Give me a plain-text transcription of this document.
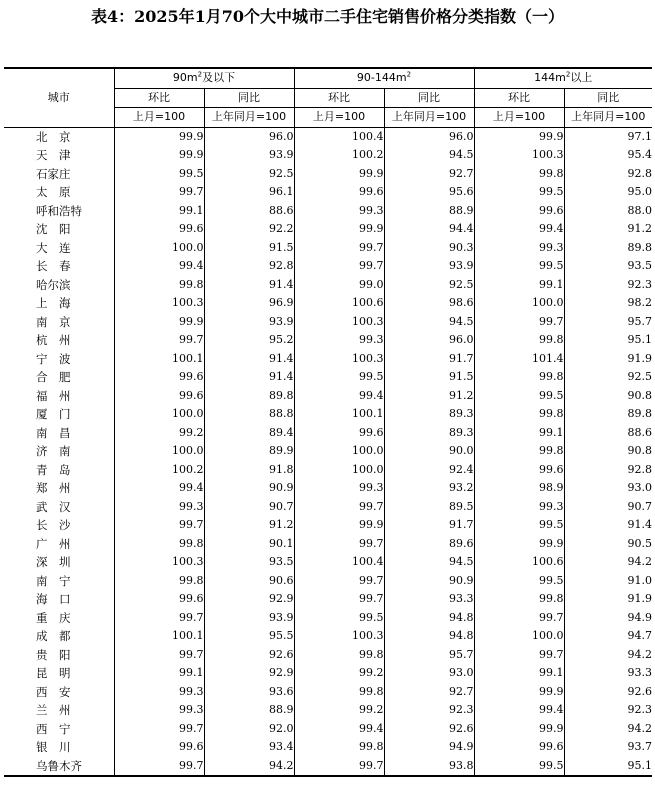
表4：2025年1月70个大中城市二手住宅销售价格分类指数（一）
城市	$90m^2$及以下		$90-144m^2$		$144m^2$以上	
	环比	同比	环比	同比	环比	同比
	上月=100	上年同月=100	上月=100	上年同月=100	上月=100	上年同月=100
北京	99.9	96.0	100.4	96.0	99.9	97.1
天津	99.9	93.9	100.2	94.5	100.3	95.4
石家庄	99.5	92.5	99.9	92.7	99.8	92.8
太原	99.7	96.1	99.6	95.6	99.5	95.0
呼和浩特	99.1	88.6	99.3	88.9	99.6	88.0
沈阳	99.6	92.2	99.9	94.4	99.4	91.2
大连	100.0	91.5	99.7	90.3	99.3	89.8
长春	99.4	92.8	99.7	93.9	99.5	93.5
哈尔滨	99.8	91.4	99.0	92.5	99.1	92.3
上海	100.3	96.9	100.6	98.6	100.0	98.2
南京	99.9	93.9	100.3	94.5	99.7	95.7
杭州	99.7	95.2	99.3	96.0	99.8	95.1
宁波	100.1	91.4	100.3	91.7	101.4	91.9
合肥	99.6	91.4	99.5	91.5	99.8	92.5
福州	99.6	89.8	99.4	91.2	99.5	90.8
厦门	100.0	88.8	100.1	89.3	99.8	89.8
南昌	99.2	89.4	99.6	89.3	99.1	88.6
济南	100.0	89.9	100.0	90.0	99.8	90.8
青岛	100.2	91.8	100.0	92.4	99.6	92.8
郑州	99.4	90.9	99.3	93.2	98.9	93.0
武汉	99.3	90.7	99.7	89.5	99.3	90.7
长沙	99.7	91.2	99.9	91.7	99.5	91.4
广州	99.8	90.1	99.7	89.6	99.9	90.5
深圳	100.3	93.5	100.4	94.5	100.6	94.2
南宁	99.8	90.6	99.7	90.9	99.5	91.0
海口	99.6	92.9	99.7	93.3	99.8	91.9
重庆	99.7	93.9	99.5	94.8	99.7	94.9
成都	100.1	95.5	100.3	94.8	100.0	94.7
贵阳	99.7	92.6	99.8	95.7	99.7	94.2
昆明	99.1	92.9	99.2	93.0	99.1	93.3
西安	99.3	93.6	99.8	92.7	99.9	92.6
兰州	99.3	88.9	99.2	92.3	99.4	92.3
西宁	99.7	92.0	99.4	92.6	99.9	94.2
银川	99.6	93.4	99.8	94.9	99.6	93.7
乌鲁木齐	99.7	94.2	99.7	93.8	99.5	95.1
